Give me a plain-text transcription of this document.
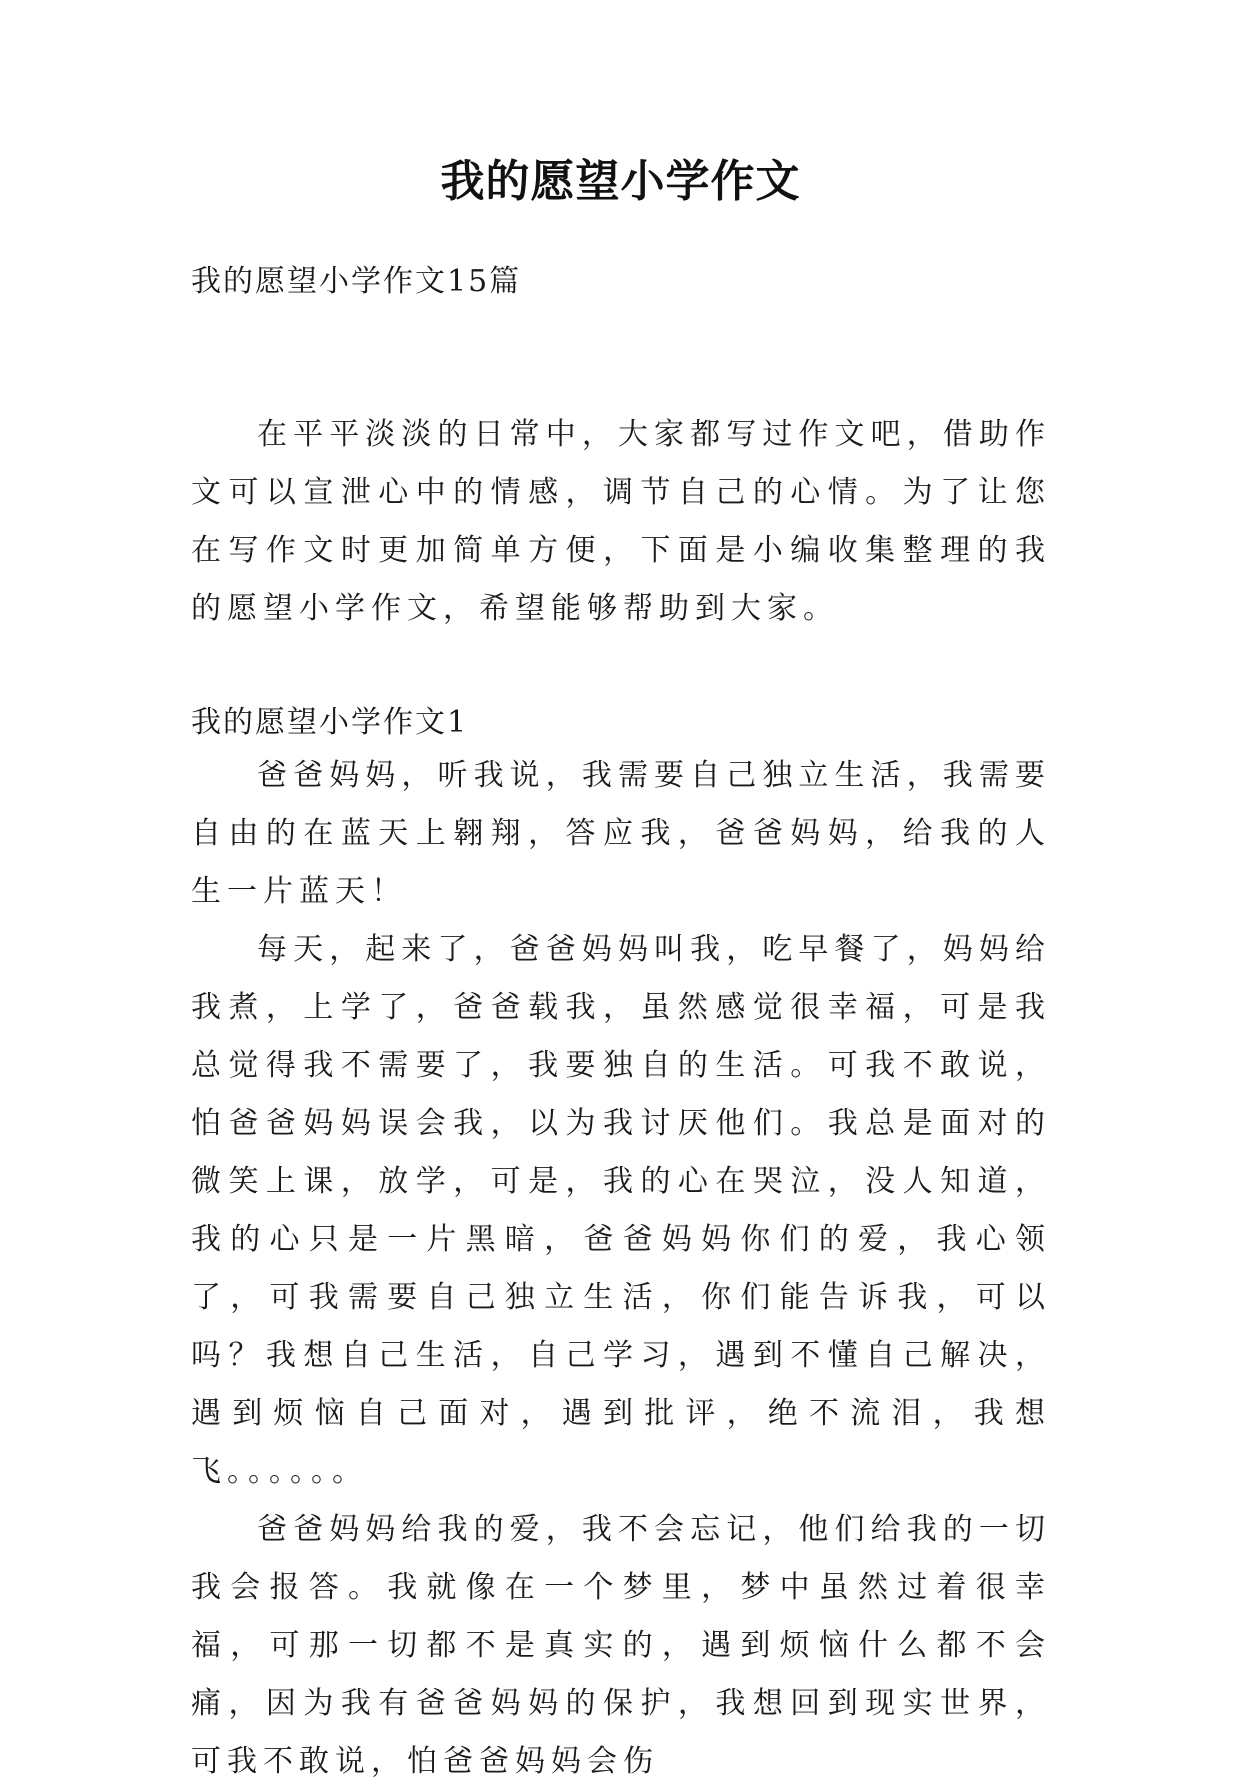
我的愿望小学作文
我的愿望小学作文15篇

在平平淡淡的日常中，大家都写过作文吧，借助作文可以宣泄心中的情感，调节自己的心情。为了让您在写作文时更加简单方便，下面是小编收集整理的我的愿望小学作文，希望能够帮助到大家。

我的愿望小学作文1

爸爸妈妈，听我说，我需要自己独立生活，我需要自由的在蓝天上翱翔，答应我，爸爸妈妈，给我的人生一片蓝天！

每天，起来了，爸爸妈妈叫我，吃早餐了，妈妈给我煮，上学了，爸爸载我，虽然感觉很幸福，可是我总觉得我不需要了，我要独自的生活。可我不敢说，怕爸爸妈妈误会我，以为我讨厌他们。我总是面对的微笑上课，放学，可是，我的心在哭泣，没人知道，我的心只是一片黑暗，爸爸妈妈你们的爱，我心领了，可我需要自己独立生活，你们能告诉我，可以吗？我想自己生活，自己学习，遇到不懂自己解决，遇到烦恼自己面对，遇到批评，绝不流泪，我想飞。。。。。。

爸爸妈妈给我的爱，我不会忘记，他们给我的一切我会报答。我就像在一个梦里，梦中虽然过着很幸福，可那一切都不是真实的，遇到烦恼什么都不会痛，因为我有爸爸妈妈的保护，我想回到现实世界，可我不敢说，怕爸爸妈妈会伤
